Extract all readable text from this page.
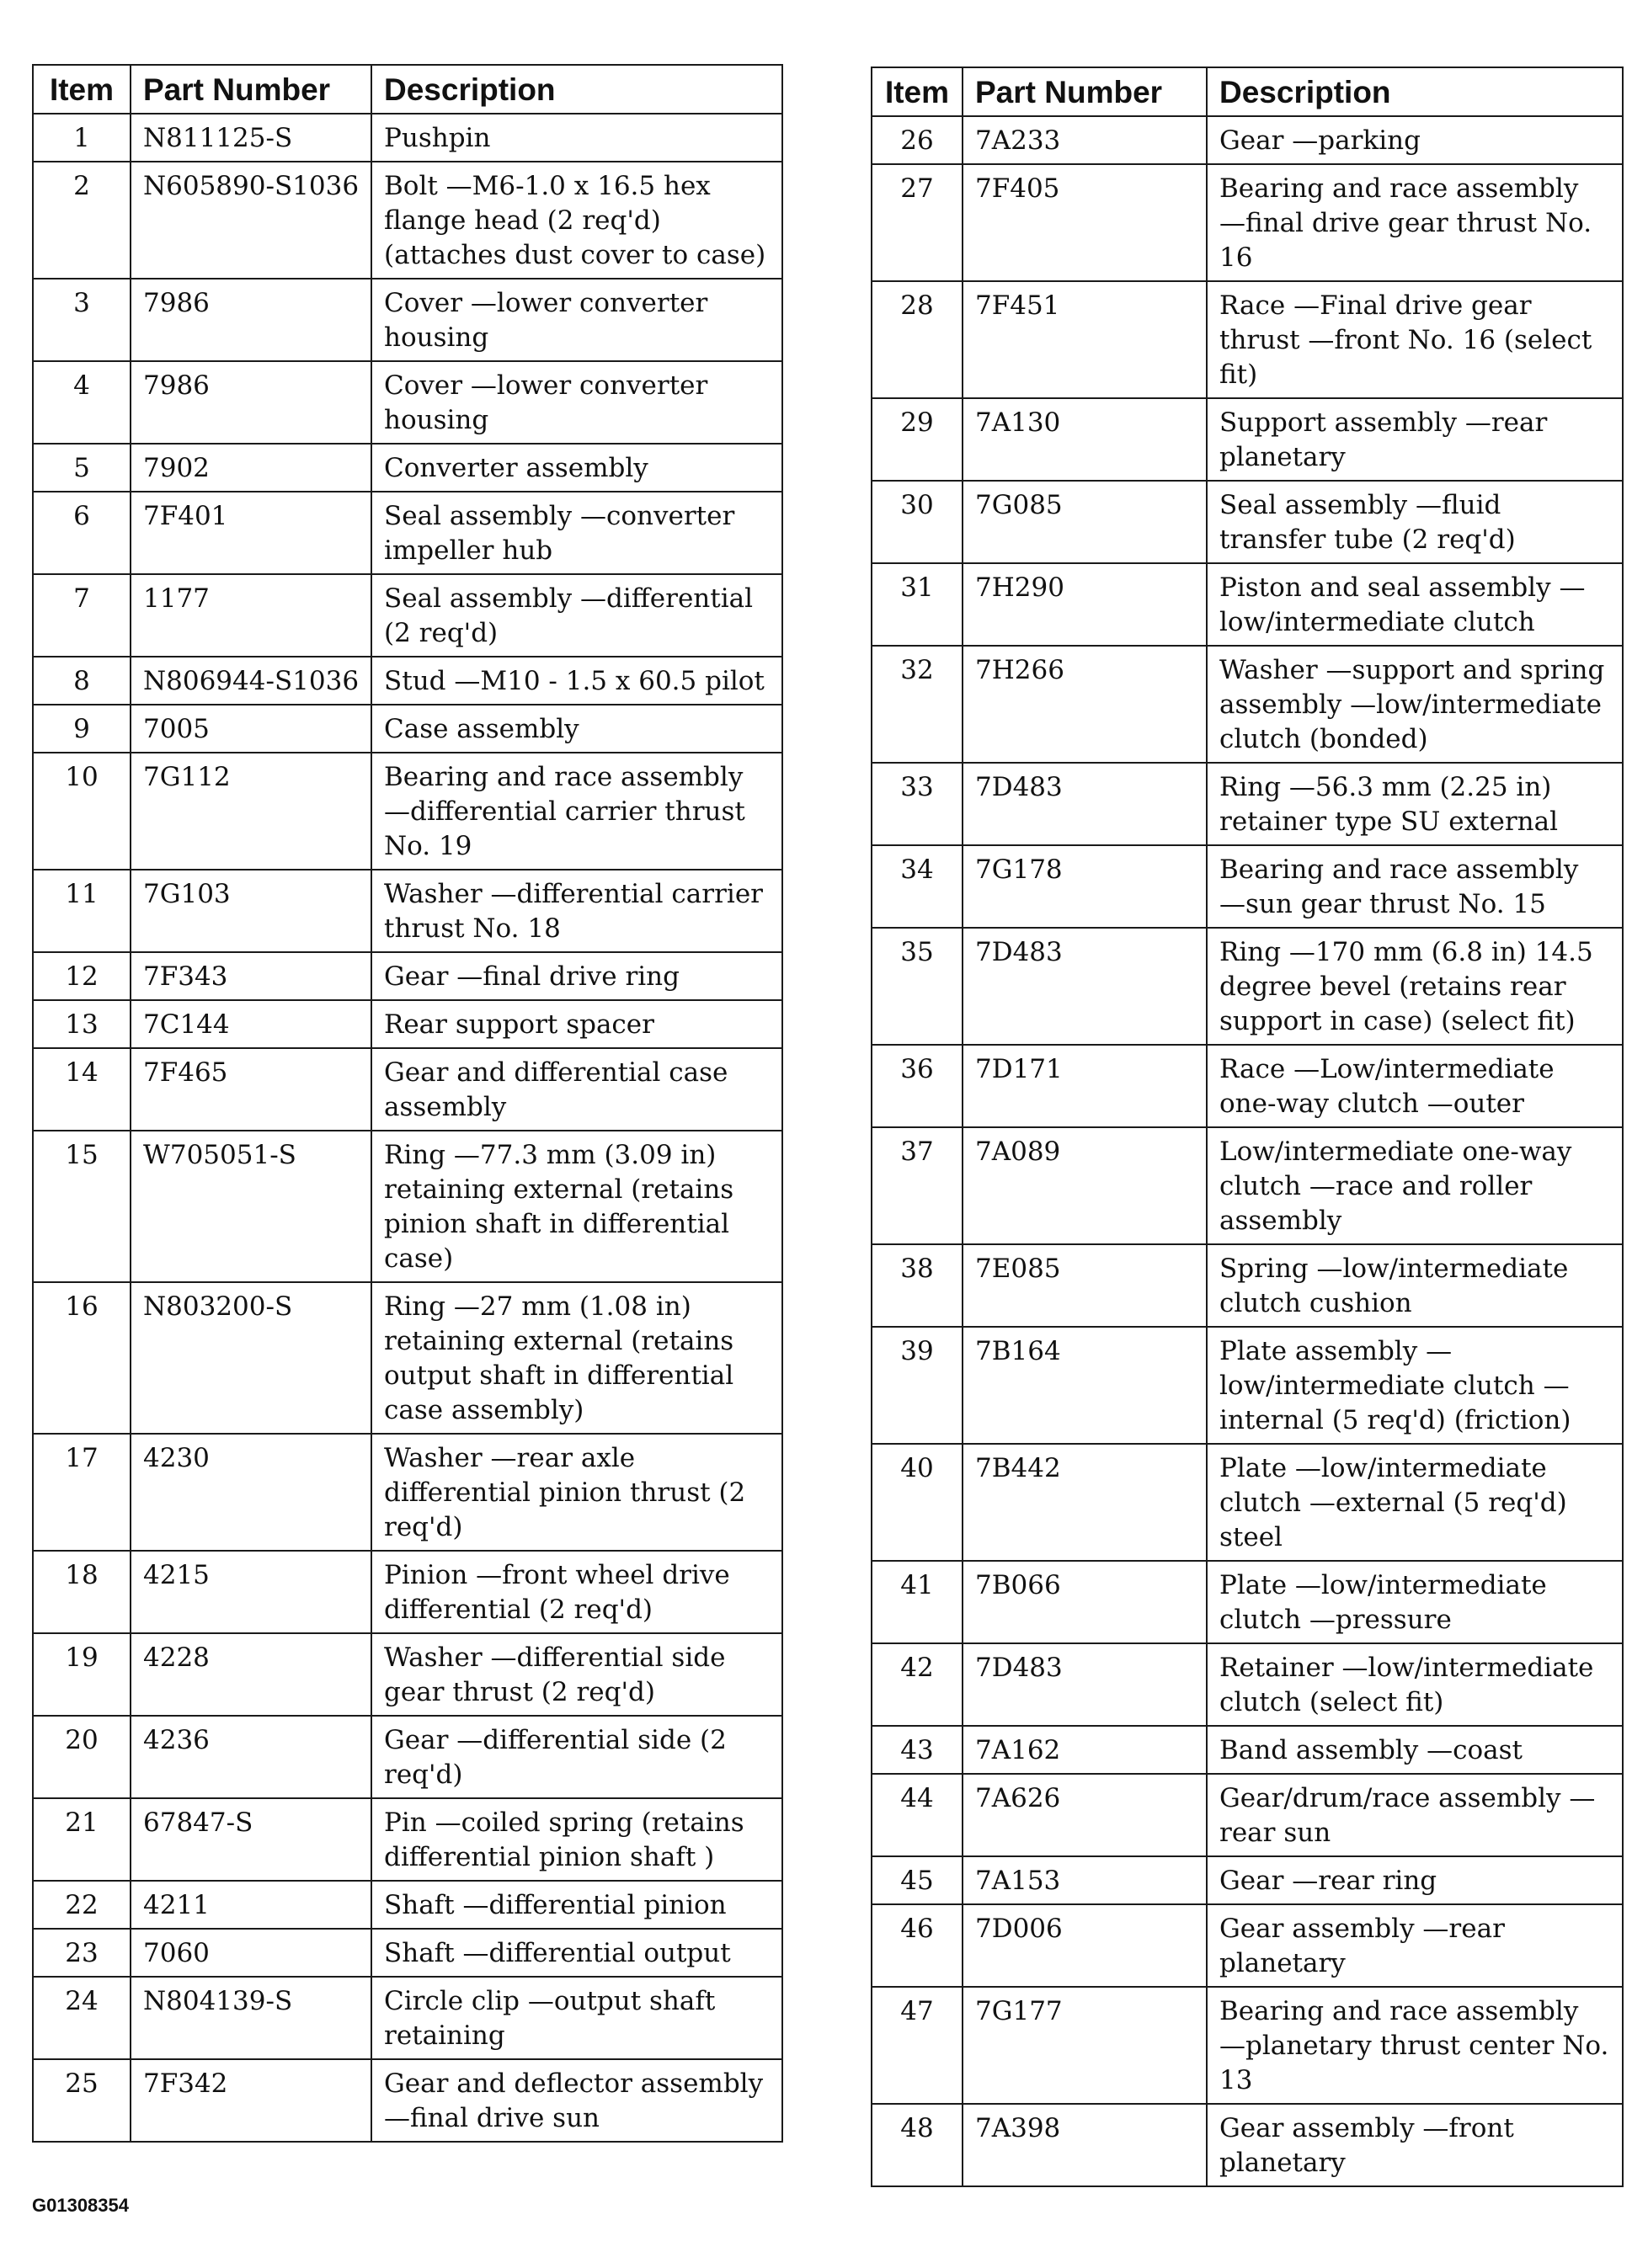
Item	Part Number	Description
1	N811125-S	Pushpin
2	N605890-S1036	Bolt —M6-1.0 x 16.5 hex flange head (2 req'd) (attaches dust cover to case)
3	7986	Cover —lower converter housing
4	7986	Cover —lower converter housing
5	7902	Converter assembly
6	7F401	Seal assembly —converter impeller hub
7	1177	Seal assembly —differential (2 req'd)
8	N806944-S1036	Stud —M10 - 1.5 x 60.5 pilot
9	7005	Case assembly
10	7G112	Bearing and race assembly —differential carrier thrust No. 19
11	7G103	Washer —differential carrier thrust No. 18
12	7F343	Gear —final drive ring
13	7C144	Rear support spacer
14	7F465	Gear and differential case assembly
15	W705051-S	Ring —77.3 mm (3.09 in) retaining external (retains pinion shaft in differential case)
16	N803200-S	Ring —27 mm (1.08 in) retaining external (retains output shaft in differential case assembly)
17	4230	Washer —rear axle differential pinion thrust (2 req'd)
18	4215	Pinion —front wheel drive differential (2 req'd)
19	4228	Washer —differential side gear thrust (2 req'd)
20	4236	Gear —differential side (2 req'd)
21	67847-S	Pin —coiled spring (retains differential pinion shaft )
22	4211	Shaft —differential pinion
23	7060	Shaft —differential output
24	N804139-S	Circle clip —output shaft retaining
25	7F342	Gear and deflector assembly —final drive sun
Item	Part Number	Description
26	7A233	Gear —parking
27	7F405	Bearing and race assembly —final drive gear thrust No. 16
28	7F451	Race —Final drive gear thrust —front No. 16 (select fit)
29	7A130	Support assembly —rear planetary
30	7G085	Seal assembly —fluid transfer tube (2 req'd)
31	7H290	Piston and seal assembly —low/intermediate clutch
32	7H266	Washer —support and spring assembly —low/intermediate clutch (bonded)
33	7D483	Ring —56.3 mm (2.25 in) retainer type SU external
34	7G178	Bearing and race assembly —sun gear thrust No. 15
35	7D483	Ring —170 mm (6.8 in) 14.5 degree bevel (retains rear support in case) (select fit)
36	7D171	Race —Low/intermediate one-way clutch —outer
37	7A089	Low/intermediate one-way clutch —race and roller assembly
38	7E085	Spring —low/intermediate clutch cushion
39	7B164	Plate assembly —low/intermediate clutch —internal (5 req'd) (friction)
40	7B442	Plate —low/intermediate clutch —external (5 req'd) steel
41	7B066	Plate —low/intermediate clutch —pressure
42	7D483	Retainer —low/intermediate clutch (select fit)
43	7A162	Band assembly —coast
44	7A626	Gear/drum/race assembly —rear sun
45	7A153	Gear —rear ring
46	7D006	Gear assembly —rear planetary
47	7G177	Bearing and race assembly —planetary thrust center No. 13
48	7A398	Gear assembly —front planetary
G01308354
